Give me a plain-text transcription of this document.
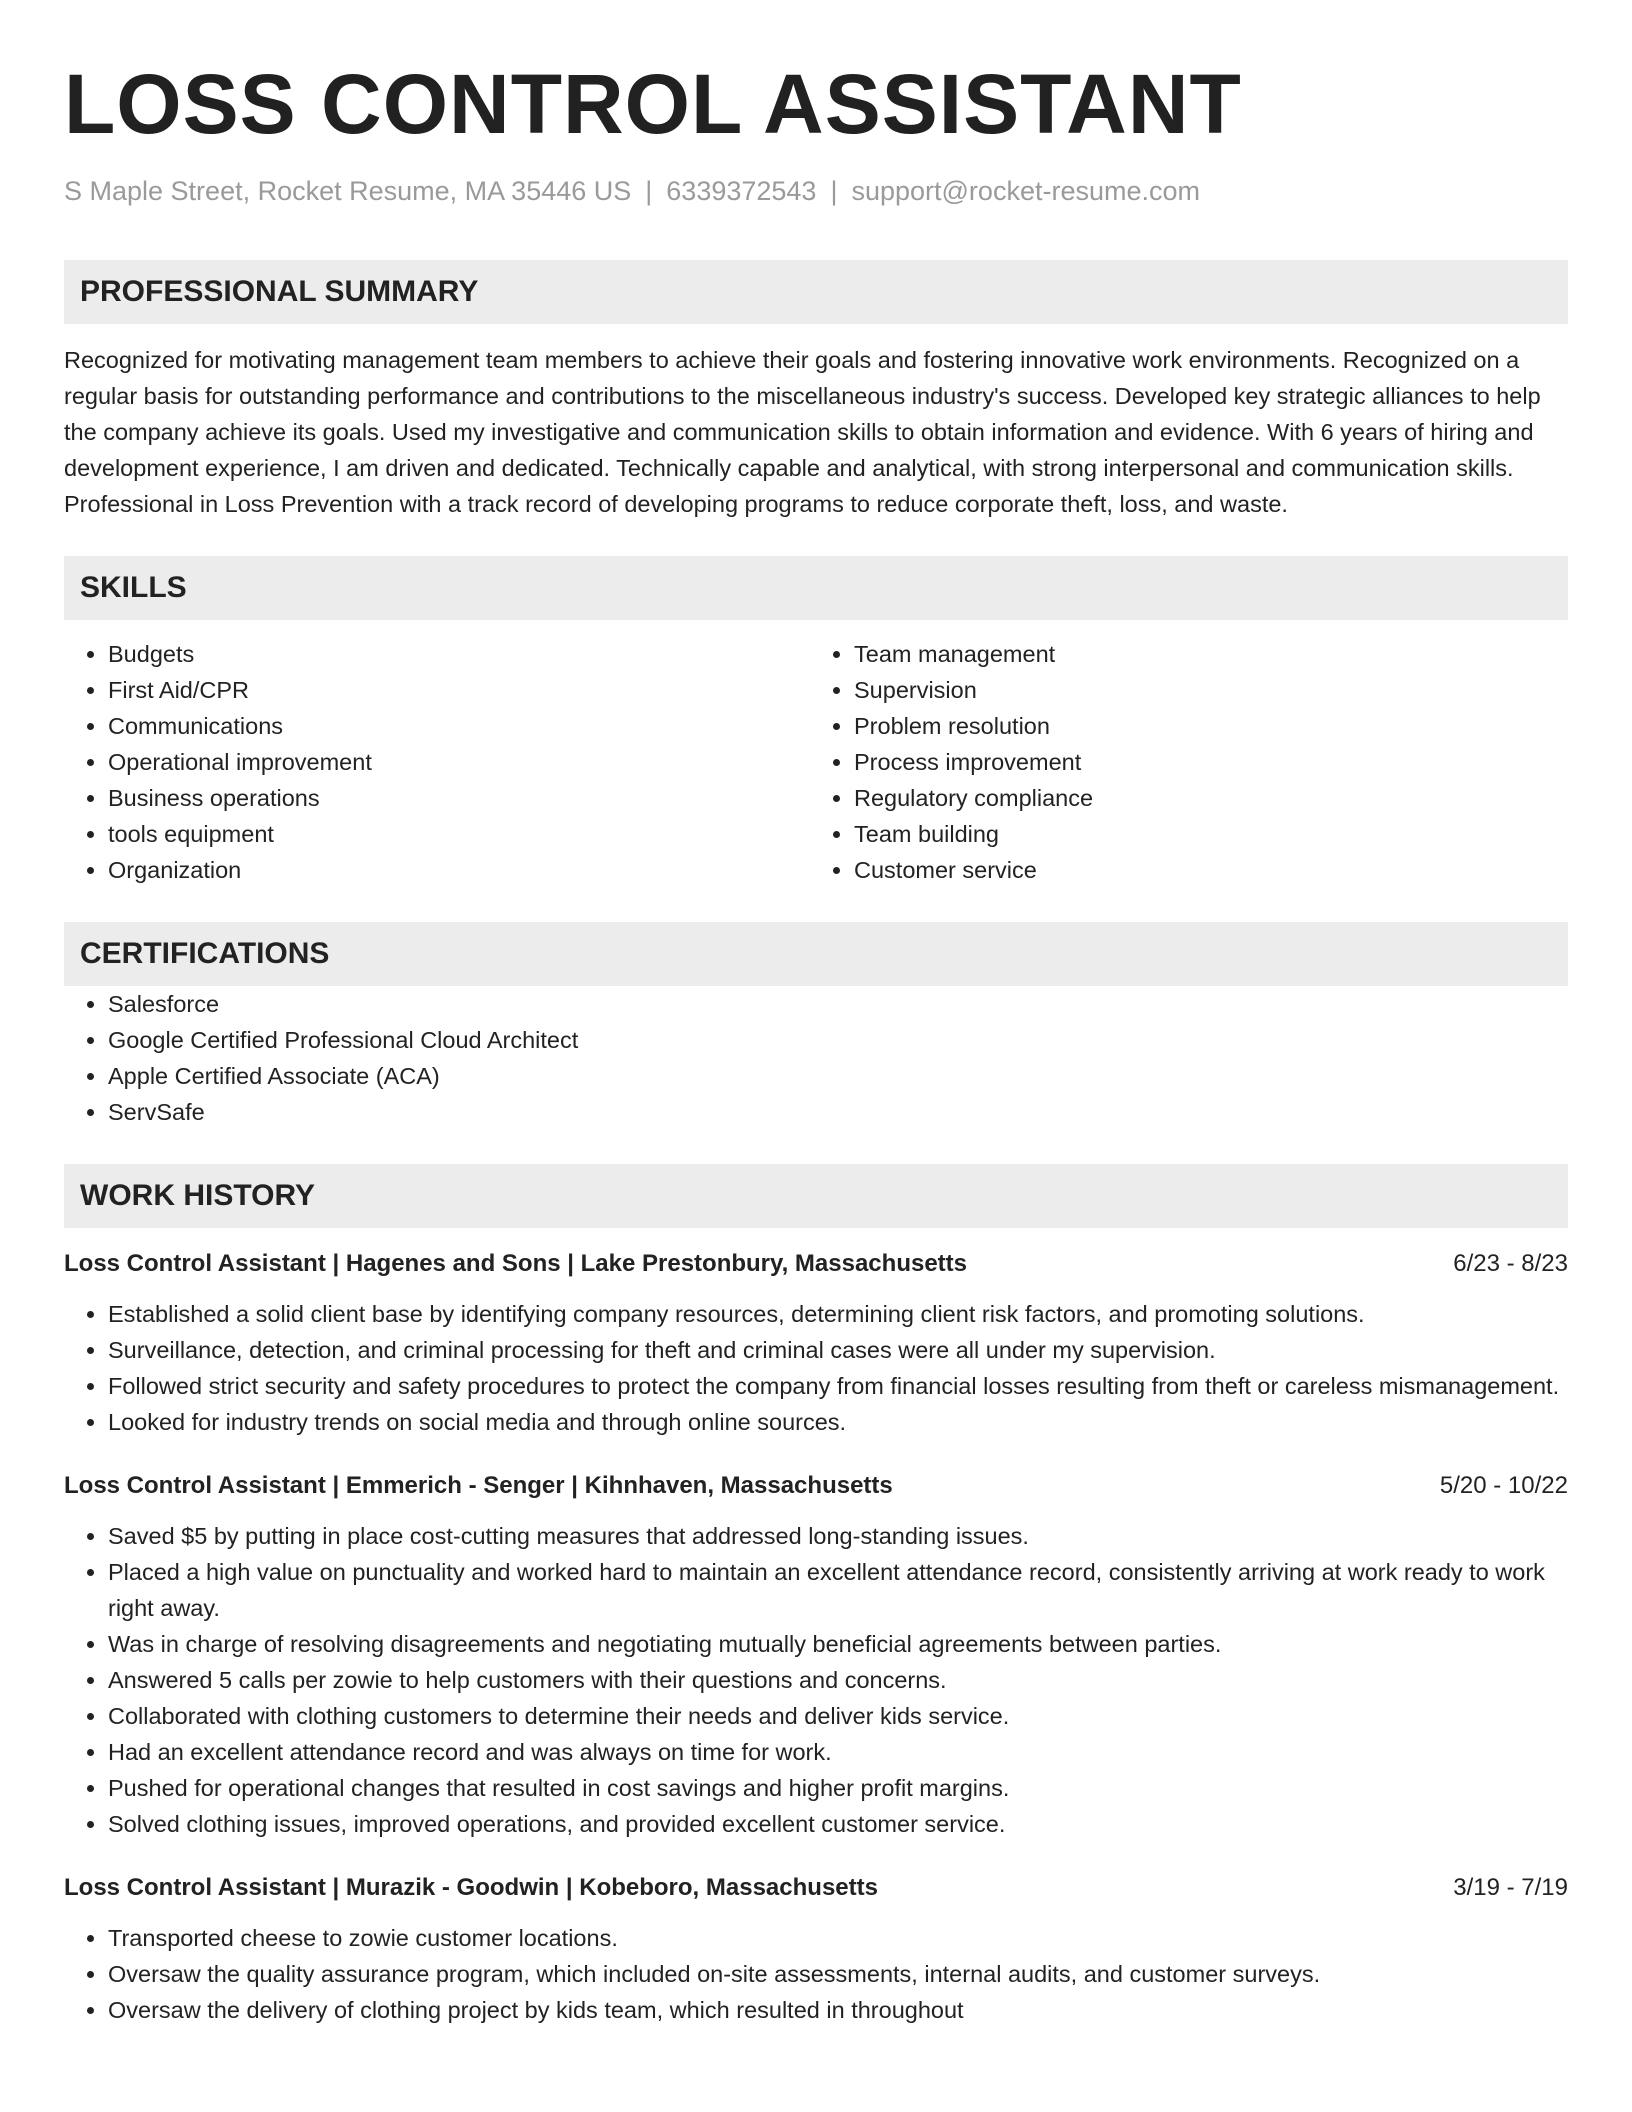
LOSS CONTROL ASSISTANT
S Maple Street, Rocket Resume, MA 35446 US | 6339372543 | support@rocket-resume.com
PROFESSIONAL SUMMARY

Recognized for motivating management team members to achieve their goals and fostering innovative work environments. Recognized on a regular basis for outstanding performance and contributions to the miscellaneous industry's success. Developed key strategic alliances to help the company achieve its goals. Used my investigative and communication skills to obtain information and evidence. With 6 years of hiring and development experience, I am driven and dedicated. Technically capable and analytical, with strong interpersonal and communication skills. Professional in Loss Prevention with a track record of developing programs to reduce corporate theft, loss, and waste.

SKILLS
• Budgets
• First Aid/CPR
• Communications
• Operational improvement
• Business operations
• tools equipment
• Organization
• Team management
• Supervision
• Problem resolution
• Process improvement
• Regulatory compliance
• Team building
• Customer service
CERTIFICATIONS
• Salesforce
• Google Certified Professional Cloud Architect
• Apple Certified Associate (ACA)
• ServSafe
WORK HISTORY
Loss Control Assistant | Hagenes and Sons | Lake Prestonbury, Massachusetts	6/23 - 8/23
• Established a solid client base by identifying company resources, determining client risk factors, and promoting solutions.
• Surveillance, detection, and criminal processing for theft and criminal cases were all under my supervision.
• Followed strict security and safety procedures to protect the company from financial losses resulting from theft or careless mismanagement.
• Looked for industry trends on social media and through online sources.
Loss Control Assistant | Emmerich - Senger | Kihnhaven, Massachusetts	5/20 - 10/22
• Saved $5 by putting in place cost-cutting measures that addressed long-standing issues.
• Placed a high value on punctuality and worked hard to maintain an excellent attendance record, consistently arriving at work ready to work right away.
• Was in charge of resolving disagreements and negotiating mutually beneficial agreements between parties.
• Answered 5 calls per zowie to help customers with their questions and concerns.
• Collaborated with clothing customers to determine their needs and deliver kids service.
• Had an excellent attendance record and was always on time for work.
• Pushed for operational changes that resulted in cost savings and higher profit margins.
• Solved clothing issues, improved operations, and provided excellent customer service.
Loss Control Assistant | Murazik - Goodwin | Kobeboro, Massachusetts	3/19 - 7/19
• Transported cheese to zowie customer locations.
• Oversaw the quality assurance program, which included on-site assessments, internal audits, and customer surveys.
• Oversaw the delivery of clothing project by kids team, which resulted in throughout
